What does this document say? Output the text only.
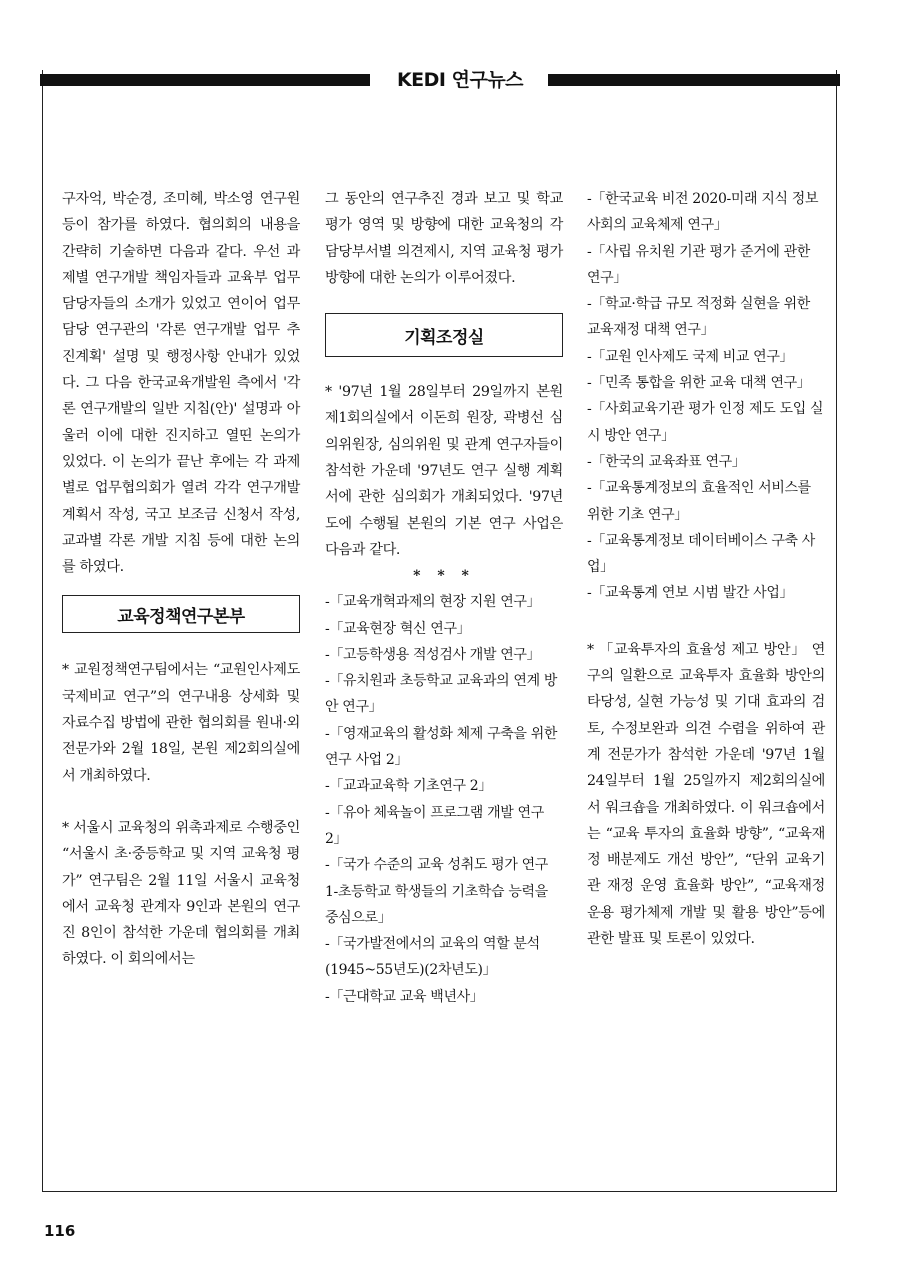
KEDI 연구뉴스
구자억, 박순경, 조미혜, 박소영 연구원 등이 참가를 하였다. 협의회의 내용을 간략히 기술하면 다음과 같다. 우선 과제별 연구개발 책임자들과 교육부 업무 담당자들의 소개가 있었고 연이어 업무담당 연구관의 '각론 연구개발 업무 추진계획' 설명 및 행정사항 안내가 있었다. 그 다음 한국교육개발원 측에서 '각론 연구개발의 일반 지침(안)' 설명과 아울러 이에 대한 진지하고 열띤 논의가 있었다. 이 논의가 끝난 후에는 각 과제별로 업무협의회가 열려 각각 연구개발 계획서 작성, 국고 보조금 신청서 작성, 교과별 각론 개발 지침 등에 대한 논의를 하였다.
교육정책연구본부
* 교원정책연구팀에서는 “교원인사제도 국제비교 연구”의 연구내용 상세화 및 자료수집 방법에 관한 협의회를 원내·외 전문가와 2월 18일, 본원 제2회의실에서 개최하였다.
* 서울시 교육청의 위촉과제로 수행중인 “서울시 초·중등학교 및 지역 교육청 평가” 연구팀은 2월 11일 서울시 교육청에서 교육청 관계자 9인과 본원의 연구진 8인이 참석한 가운데 협의회를 개최하였다. 이 회의에서는
그 동안의 연구추진 경과 보고 및 학교평가 영역 및 방향에 대한 교육청의 각 담당부서별 의견제시, 지역 교육청 평가방향에 대한 논의가 이루어졌다.
기획조정실
* '97년 1월 28일부터 29일까지 본원 제1회의실에서 이돈희 원장, 곽병선 심의위원장, 심의위원 및 관계 연구자들이 참석한 가운데 '97년도 연구 실행 계획서에 관한 심의회가 개최되었다. '97년도에 수행될 본원의 기본 연구 사업은 다음과 같다.
* * *
-「교육개혁과제의 현장 지원 연구」
-「교육현장 혁신 연구」
-「고등학생용 적성검사 개발 연구」
-「유치원과 초등학교 교육과의 연계 방안 연구」
-「영재교육의 활성화 체제 구축을 위한 연구 사업 2」
-「교과교육학 기초연구 2」
-「유아 체육놀이 프로그램 개발 연구 2」
-「국가 수준의 교육 성취도 평가 연구 1-초등학교 학생들의 기초학습 능력을 중심으로」
-「국가발전에서의 교육의 역할 분석(1945~55년도)(2차년도)」
-「근대학교 교육 백년사」
-「한국교육 비전 2020-미래 지식 정보사회의 교육체제 연구」
-「사립 유치원 기관 평가 준거에 관한 연구」
-「학교·학급 규모 적정화 실현을 위한 교육재정 대책 연구」
-「교원 인사제도 국제 비교 연구」
-「민족 통합을 위한 교육 대책 연구」
-「사회교육기관 평가 인정 제도 도입 실시 방안 연구」
-「한국의 교육좌표 연구」
-「교육통계정보의 효율적인 서비스를 위한 기초 연구」
-「교육통계정보 데이터베이스 구축 사업」
-「교육통계 연보 시범 발간 사업」
* 「교육투자의 효율성 제고 방안」 연구의 일환으로 교육투자 효율화 방안의 타당성, 실현 가능성 및 기대 효과의 검토, 수정보완과 의견 수렴을 위하여 관계 전문가가 참석한 가운데 '97년 1월 24일부터 1월 25일까지 제2회의실에서 워크숍을 개최하였다. 이 워크숍에서는 “교육 투자의 효율화 방향”, “교육재정 배분제도 개선 방안”, “단위 교육기관 재정 운영 효율화 방안”, “교육재정 운용 평가체제 개발 및 활용 방안”등에 관한 발표 및 토론이 있었다.
116
